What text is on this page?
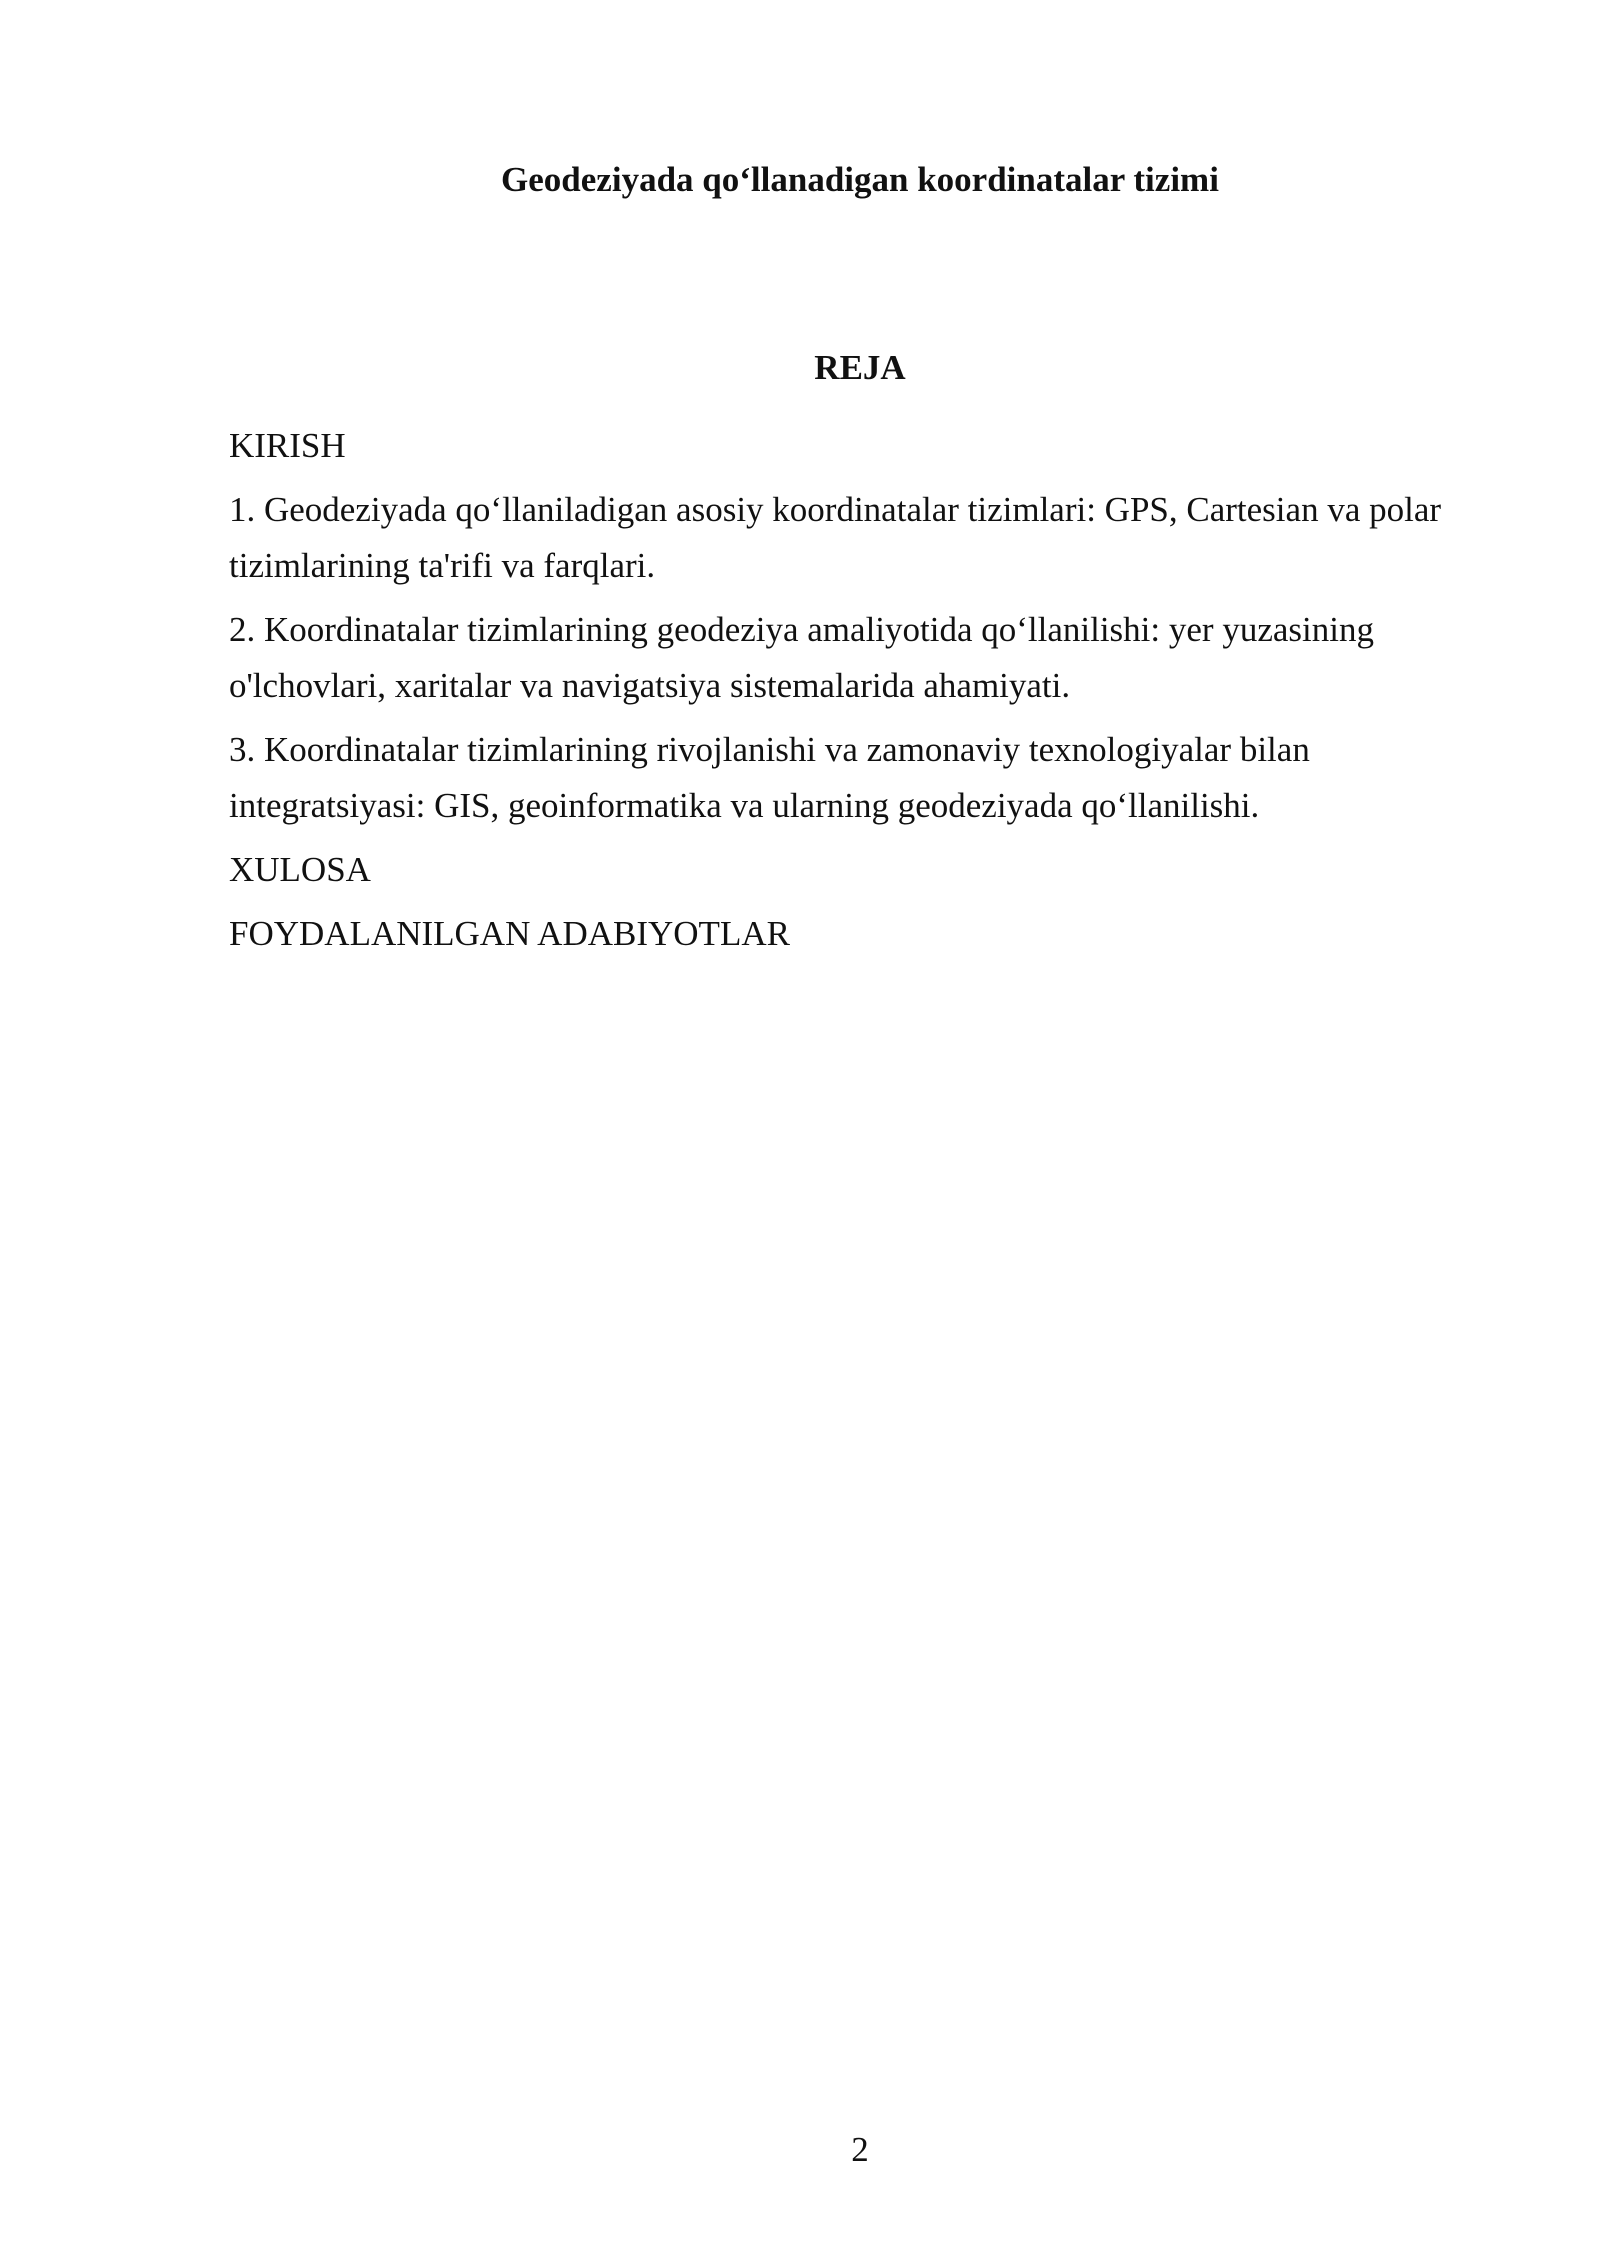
Geodeziyada qo‘llanadigan koordinatalar tizimi
REJA

KIRISH

1. Geodeziyada qo‘llaniladigan asosiy koordinatalar tizimlari: GPS, Cartesian va polar tizimlarining ta'rifi va farqlari.

2. Koordinatalar tizimlarining geodeziya amaliyotida qo‘llanilishi: yer yuzasining o'lchovlari, xaritalar va navigatsiya sistemalarida ahamiyati.

3. Koordinatalar tizimlarining rivojlanishi va zamonaviy texnologiyalar bilan integratsiyasi: GIS, geoinformatika va ularning geodeziyada qo‘llanilishi.

XULOSA

FOYDALANILGAN ADABIYOTLAR

2
